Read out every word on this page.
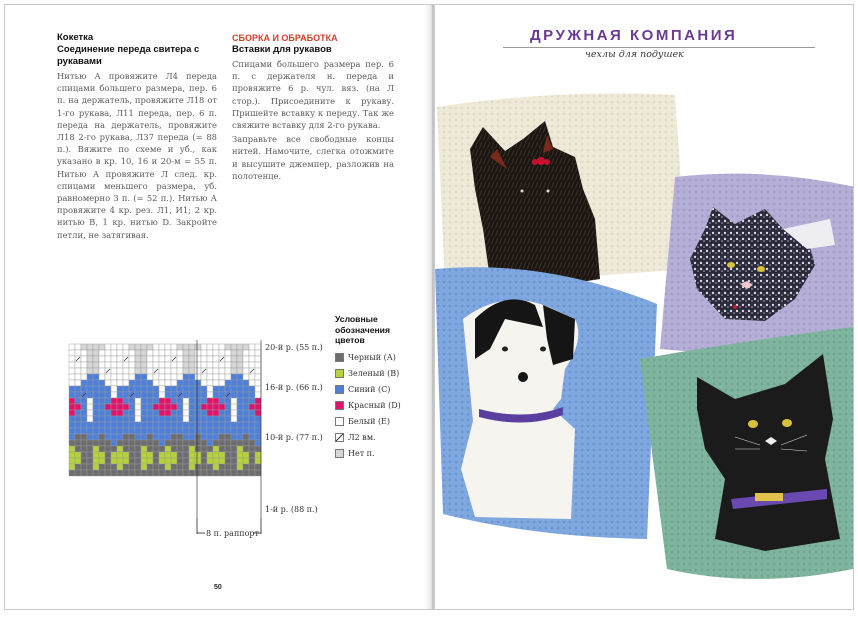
Кокетка

Соединение переда свитера с рукавами

Нитью А провяжите Л4 переда спицами большего размера, пер. 6 п. на держатель, провяжите Л18 от 1-го рукава, Л11 переда, пер. 6 п. переда на держатель, провяжите Л18 2-го рукава, Л37 переда (= 88 п.). Вяжите по схеме и уб., как указано в кр. 10, 16 и 20-м = 55 п. Нитью А провяжите Л след. кр. спицами меньшего размера, уб. равномерно 3 п. (= 52 п.). Нитью А провяжите 4 кр. рез. Л1, И1; 2 кр. нитью В, 1 кр. нитью D. Закройте петли, не затягивая.

СБОРКА И ОБРАБОТКА

Вставки для рукавов

Спицами большего размера пер. 6 п. с держателя н. переда и провяжите 6 р. чул. вяз. (на Л стор.). Присоедините к рукаву. Пришейте вставку к переду. Так же свяжите вставку для 2-го рукава.

Заправьте все свободные концы нитей. Намочите, слегка отожмите и высушите джемпер, разложив на полотенце.

8 п. раппорт
20-й р. (55 п.)
16-й р. (66 п.)
10-й р. (77 п.)
1-й р. (88 п.)

Условные обозначения цветов

Черный (А)
Зеленый (В)
Синий (С)
Красный (D)
Белый (Е)
Л2 вм.
Нет п.
50
ДРУЖНАЯ КОМПАНИЯ
чехлы для подушек
